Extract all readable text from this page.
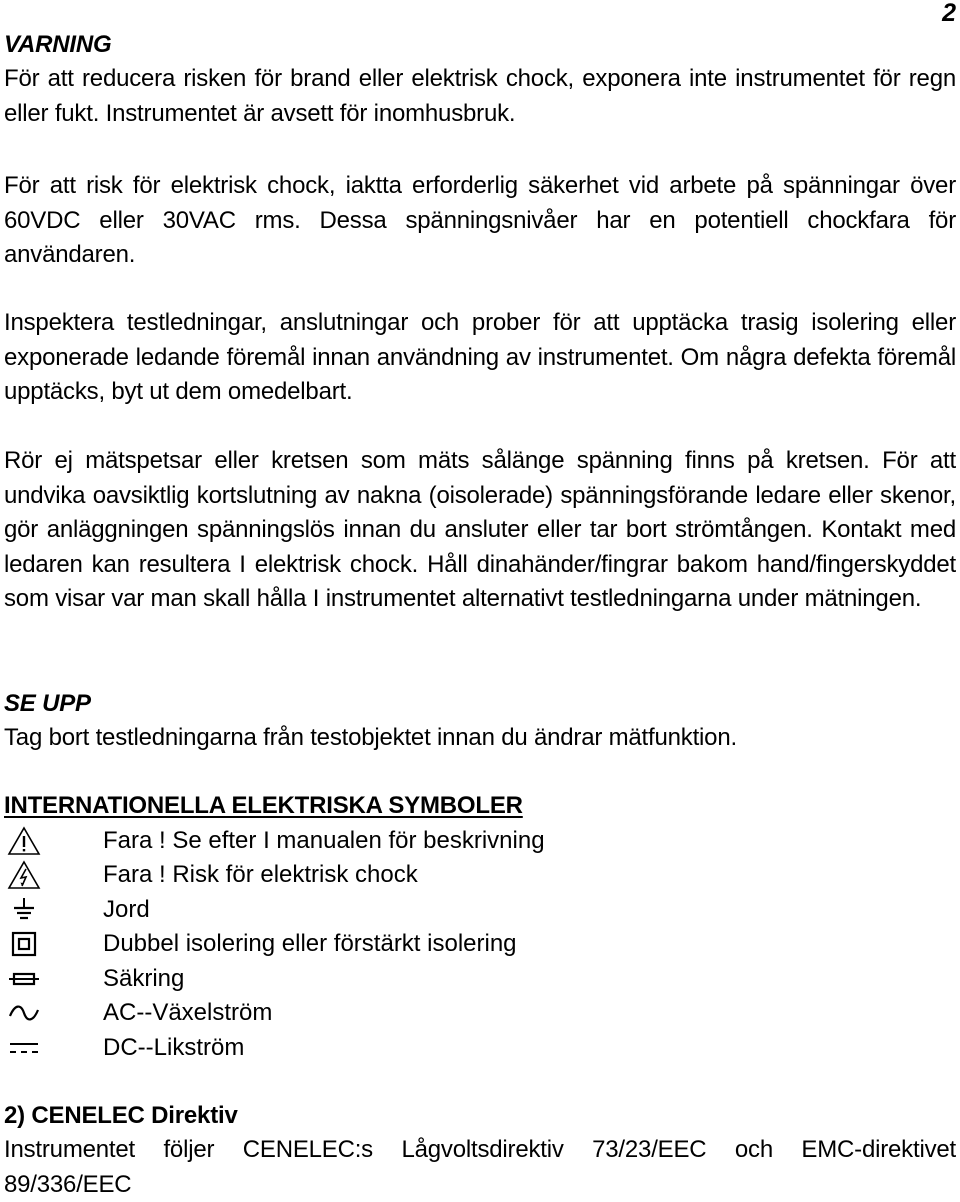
2
VARNING
För att reducera risken för brand eller elektrisk chock, exponera inte instrumentet för regn eller fukt. Instrumentet är avsett för inomhusbruk.
För att risk för elektrisk chock, iaktta erforderlig säkerhet vid arbete på spänningar över 60VDC eller 30VAC rms. Dessa spänningsnivåer har en potentiell chockfara för användaren.
Inspektera testledningar, anslutningar och prober för att upptäcka trasig isolering eller exponerade ledande föremål innan användning av instrumentet. Om några defekta föremål upptäcks, byt ut dem omedelbart.
Rör ej mätspetsar eller kretsen som mäts sålänge spänning finns på kretsen. För att undvika oavsiktlig kortslutning av nakna (oisolerade) spänningsförande ledare eller skenor, gör anläggningen spänningslös innan du ansluter eller tar bort strömtången. Kontakt med ledaren kan resultera I elektrisk chock. Håll dinahänder/fingrar bakom hand/fingerskyddet som visar var man skall hålla I instrumentet alternativt testledningarna under mätningen.
SE UPP
Tag bort testledningarna från testobjektet innan du ändrar mätfunktion.
INTERNATIONELLA ELEKTRISKA SYMBOLER
Fara ! Se efter I manualen för beskrivning
Fara ! Risk för elektrisk chock
Jord
Dubbel isolering eller förstärkt isolering
Säkring
AC--Växelström
DC--Likström
2) CENELEC Direktiv
Instrumentet följer CENELEC:s Lågvoltsdirektiv 73/23/EEC och EMC-direktivet 89/336/EEC
